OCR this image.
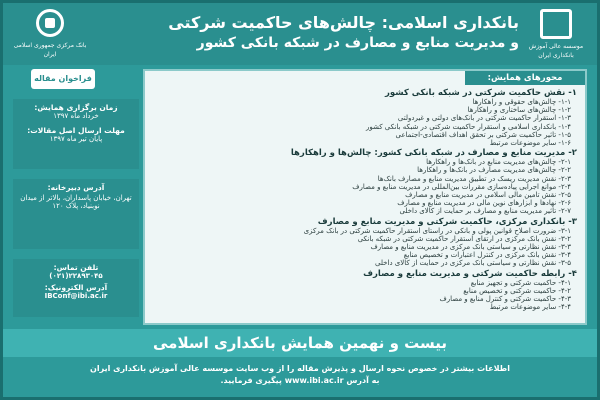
موسسه عالی آموزش بانکداری ایران
بانکداری اسلامی: چالش‌های حاکمیت شرکتی
و مدیریت منابع و مصارف در شبکه بانکی کشور
بانک مرکزی جمهوری اسلامی ایران
فراخوان مقاله
زمان برگزاری همایش:
خرداد ماه ۱۳۹۷
مهلت ارسال اصل مقالات:
پایان تیر ماه ۱۳۹۷
آدرس دبیرخانه:
تهران، خیابان پاسداران، بالاتر از میدان نوبنیاد، پلاک ۱۲۰
تلفن تماس:
(۰۲۱)۲۲۸۹۳۰۴۵
آدرس الکترونیک:
IBConf@ibi.ac.ir
محورهای همایش:
۱- نقش حاکمیت شرکتی در شبکه بانکی کشور
۱-۱- چالش‌های حقوقی و راهکارها
۱-۲- چالش‌های ساختاری و راهکارها
۱-۳- استقرار حاکمیت شرکتی در بانک‌های دولتی و غیردولتی
۱-۴- بانکداری اسلامی و استقرار حاکمیت شرکتی در شبکه بانکی کشور
۱-۵- تأثیر حاکمیت شرکتی بر تحقق اهداف اقتصادی-اجتماعی
۱-۶- سایر موضوعات مرتبط
۲- مدیریت منابع و مصارف در شبکه بانکی کشور: چالش‌ها و راهکارها
۲-۱- چالش‌های مدیریت منابع در بانک‌ها و راهکارها
۲-۲- چالش‌های مدیریت مصارف در بانک‌ها و راهکارها
۲-۳- نقش مدیریت ریسک در تطبیق مدیریت منابع و مصارف بانک‌ها
۲-۴- موانع اجرایی پیاده‌سازی مقررات بین‌المللی در مدیریت منابع و مصارف
۲-۵- نقش تأمین مالی اسلامی در مدیریت منابع و مصارف
۲-۶- نهادها و ابزارهای نوین مالی در مدیریت منابع و مصارف
۲-۷- تأثیر مدیریت منابع و مصارف بر حمایت از کالای داخلی
۳- بانکداری مرکزی، حاکمیت شرکتی و مدیریت منابع و مصارف
۳-۱- ضرورت اصلاح قوانین پولی و بانکی در راستای استقرار حاکمیت شرکتی در بانک مرکزی
۳-۲- نقش بانک مرکزی در ارتقای استقرار حاکمیت شرکتی در شبکه بانکی
۳-۳- نقش نظارتی و سیاستی بانک مرکزی در مدیریت منابع و مصارف
۳-۴- نقش بانک مرکزی در کنترل اعتبارات و تخصیص منابع
۳-۵- نقش نظارتی و سیاستی بانک مرکزی در حمایت از کالای داخلی
۴- رابطه حاکمیت شرکتی و مدیریت منابع و مصارف
۴-۱- حاکمیت شرکتی و تجهیز منابع
۴-۲- حاکمیت شرکتی و تخصیص منابع
۴-۳- حاکمیت شرکتی و کنترل منابع و مصارف
۴-۴- سایر موضوعات مرتبط
بیست و نهمین همایش بانکداری اسلامی
اطلاعات بیشتر در خصوص نحوه ارسال و پذیرش مقاله را از وب سایت موسسه عالی آموزش بانکداری ایران
به آدرس www.ibi.ac.ir پیگیری فرمایید.
